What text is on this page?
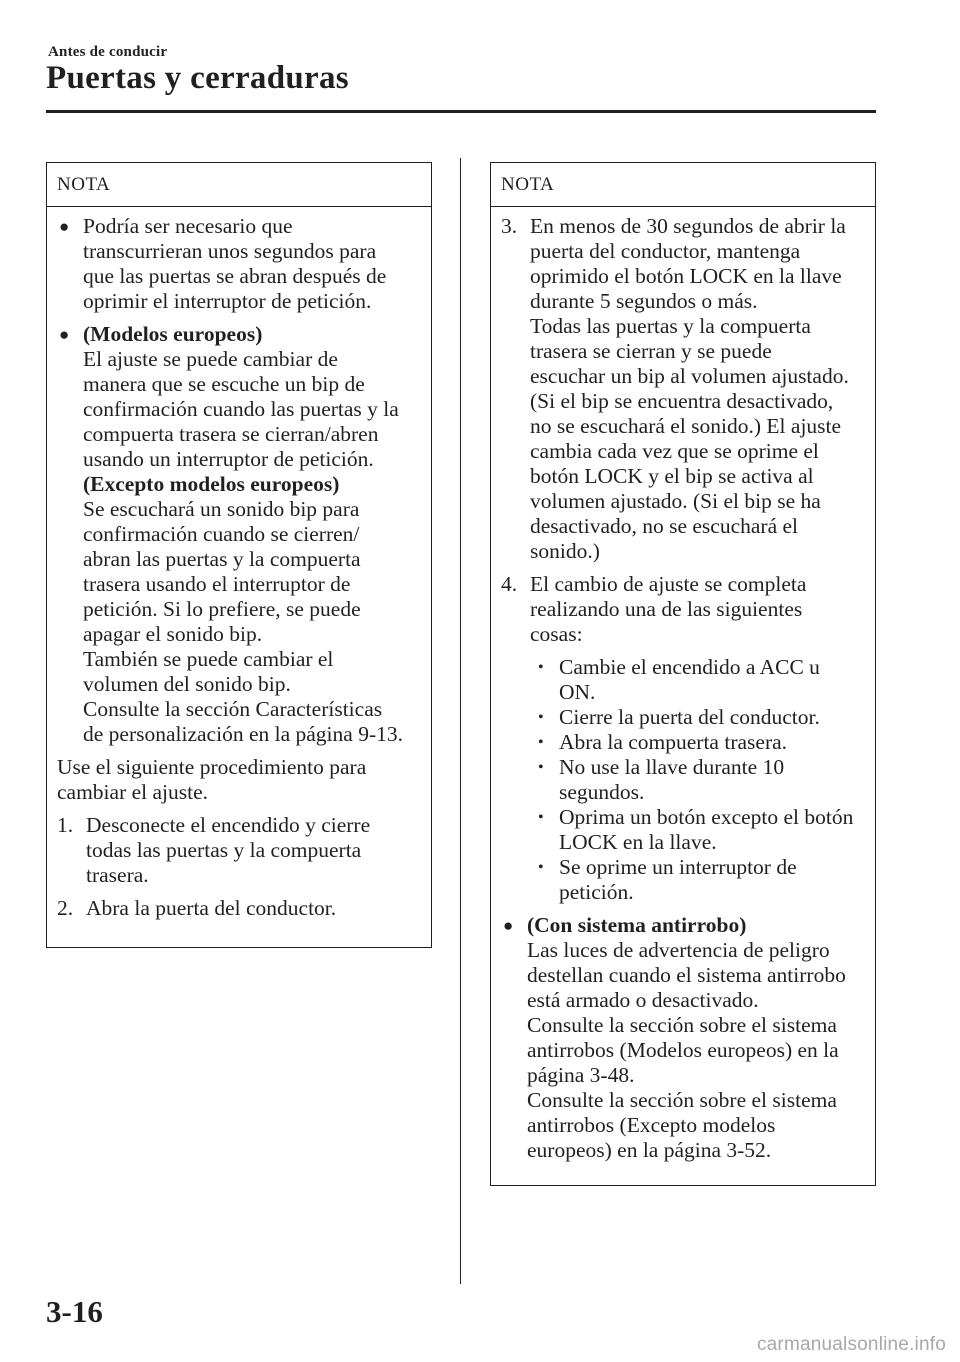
Antes de conducir
Puertas y cerraduras
NOTA
● Podría ser necesario que
transcurrieran unos segundos para
que las puertas se abran después de
oprimir el interruptor de petición.
● (Modelos europeos)
El ajuste se puede cambiar de
manera que se escuche un bip de
confirmación cuando las puertas y la
compuerta trasera se cierran/abren
usando un interruptor de petición.
(Excepto modelos europeos)
Se escuchará un sonido bip para
confirmación cuando se cierren/
abran las puertas y la compuerta
trasera usando el interruptor de
petición. Si lo prefiere, se puede
apagar el sonido bip.
También se puede cambiar el
volumen del sonido bip.
Consulte la sección Características
de personalización en la página 9-13.
Use el siguiente procedimiento para
cambiar el ajuste.
1. Desconecte el encendido y cierre
todas las puertas y la compuerta
trasera.
2. Abra la puerta del conductor.
NOTA
3. En menos de 30 segundos de abrir la
puerta del conductor, mantenga
oprimido el botón LOCK en la llave
durante 5 segundos o más.
Todas las puertas y la compuerta
trasera se cierran y se puede
escuchar un bip al volumen ajustado.
(Si el bip se encuentra desactivado,
no se escuchará el sonido.) El ajuste
cambia cada vez que se oprime el
botón LOCK y el bip se activa al
volumen ajustado. (Si el bip se ha
desactivado, no se escuchará el
sonido.)
4. El cambio de ajuste se completa
realizando una de las siguientes
cosas:
• Cambie el encendido a ACC u
ON.
• Cierre la puerta del conductor.
• Abra la compuerta trasera.
• No use la llave durante 10
segundos.
• Oprima un botón excepto el botón
LOCK en la llave.
• Se oprime un interruptor de
petición.
● (Con sistema antirrobo)
Las luces de advertencia de peligro
destellan cuando el sistema antirrobo
está armado o desactivado.
Consulte la sección sobre el sistema
antirrobos (Modelos europeos) en la
página 3-48.
Consulte la sección sobre el sistema
antirrobos (Excepto modelos
europeos) en la página 3-52.
3-16
carmanualsonline.info
